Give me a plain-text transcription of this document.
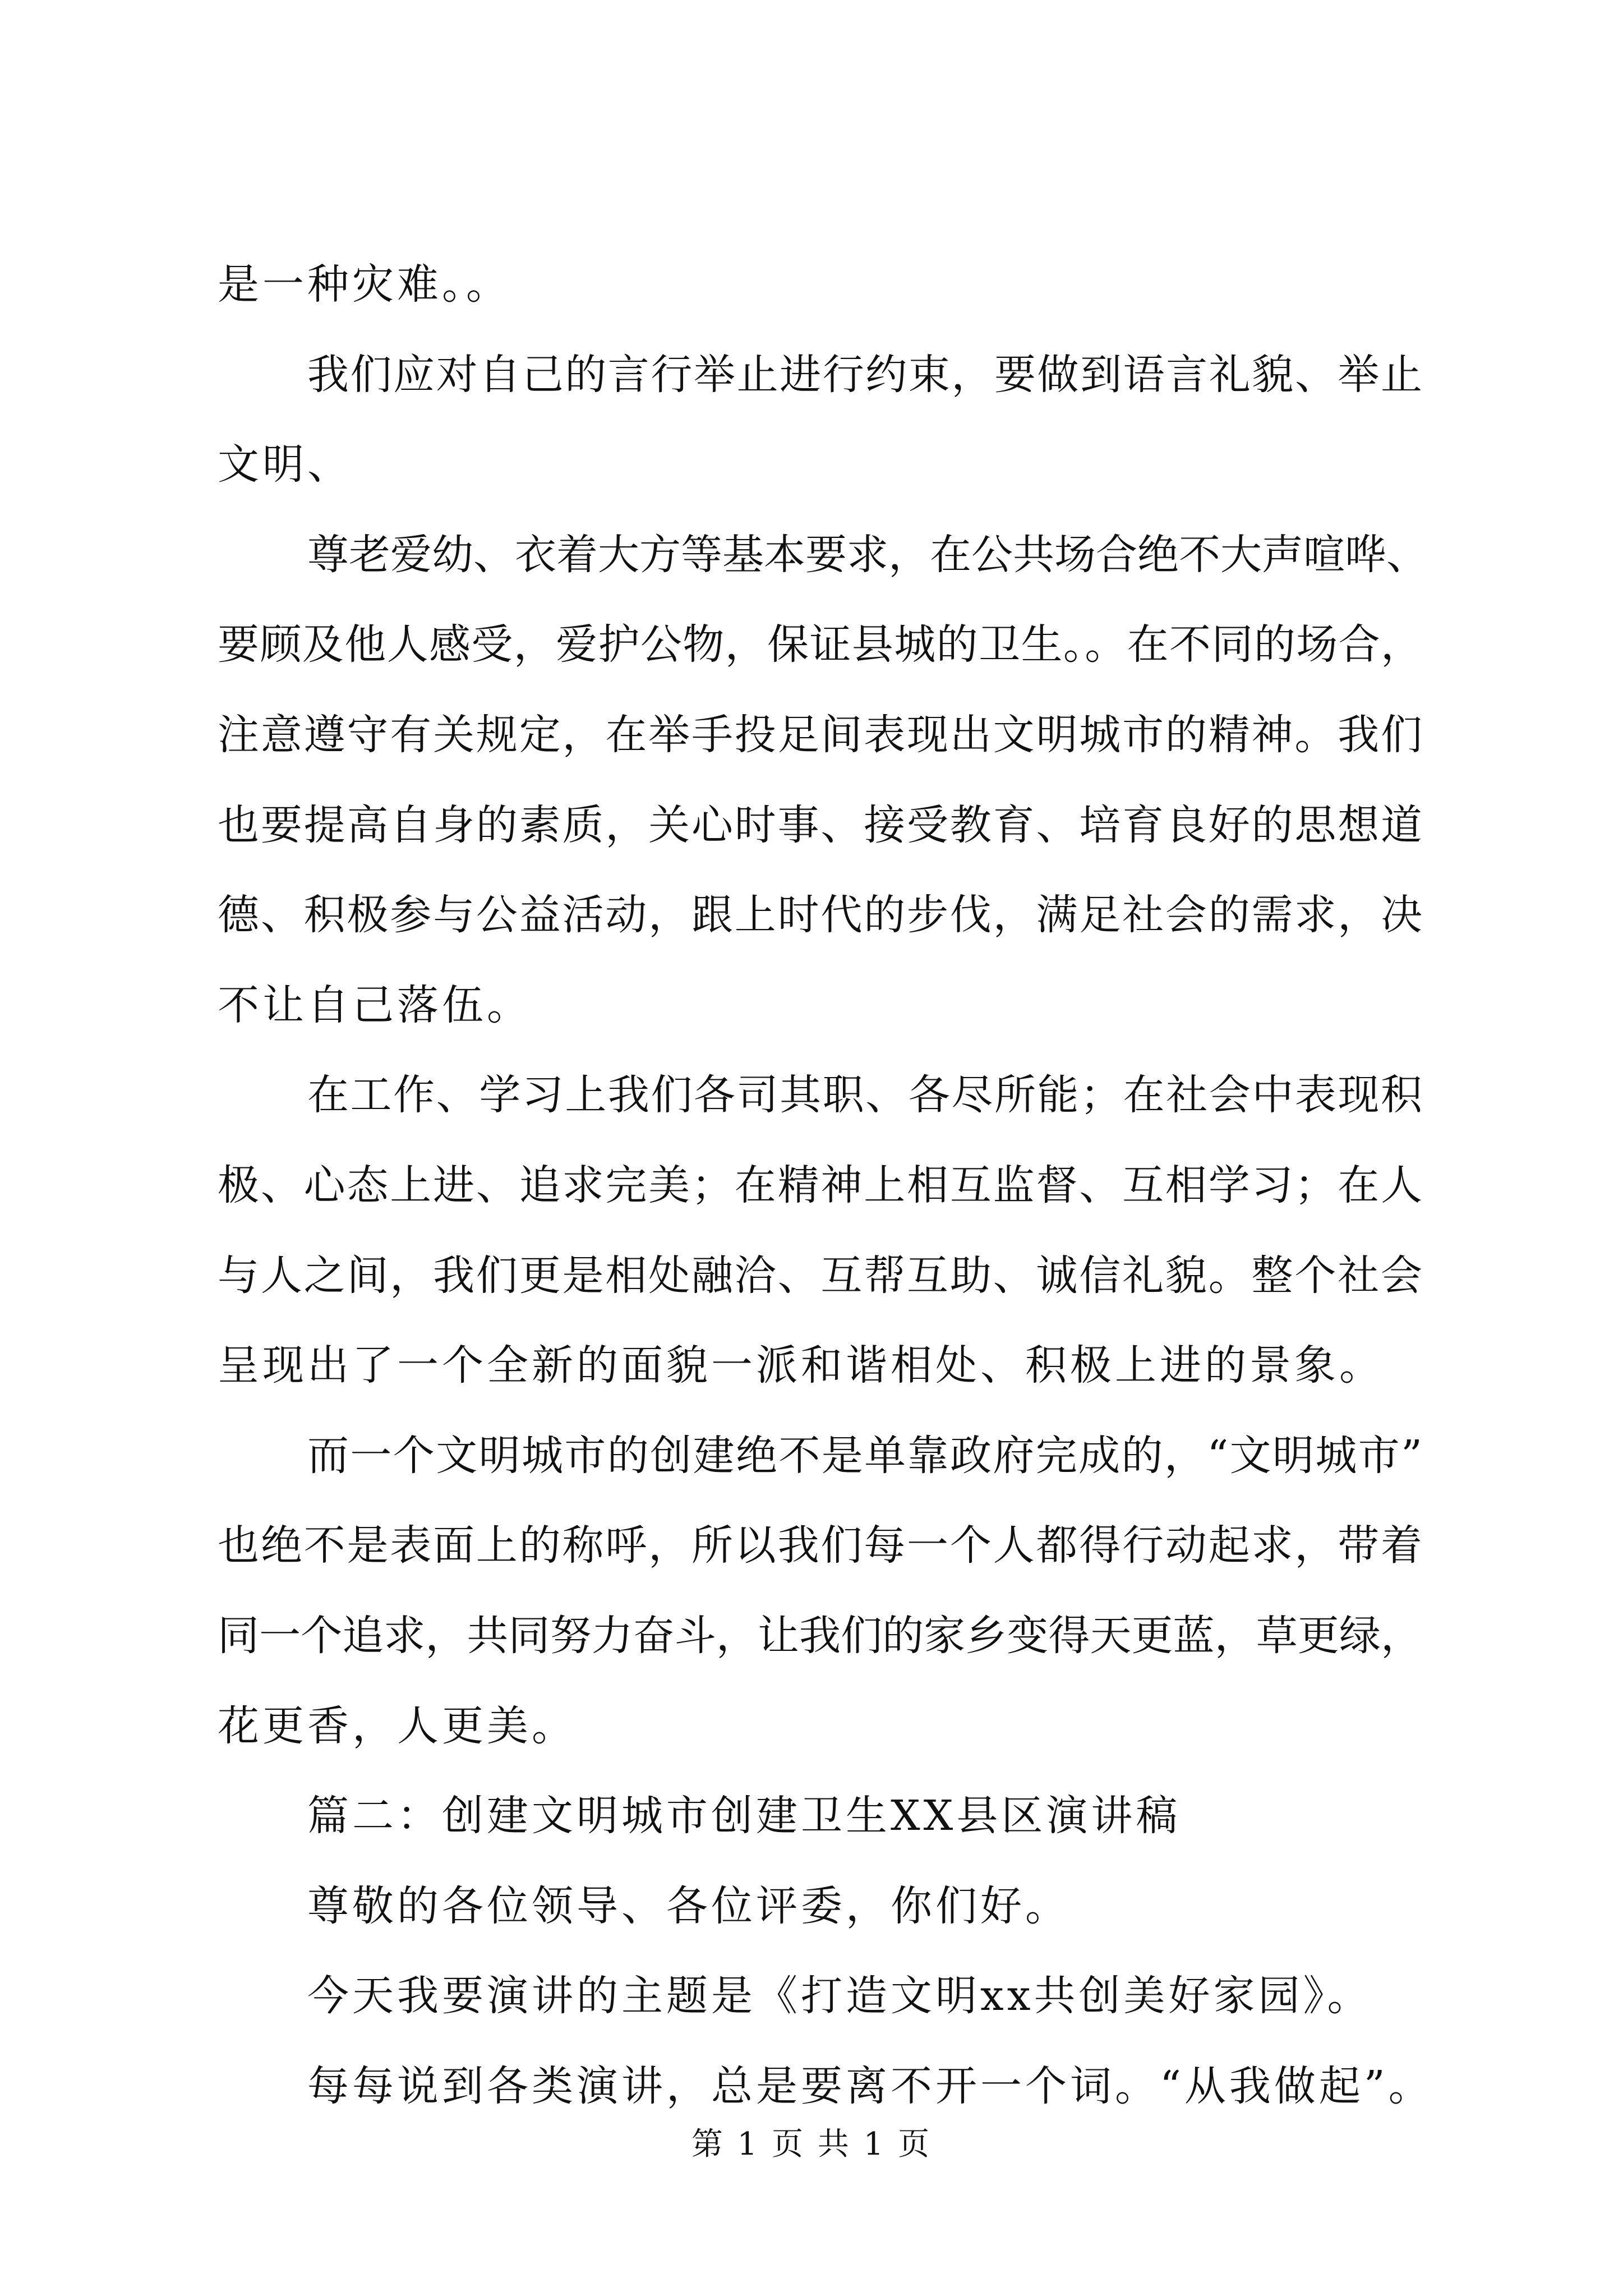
是一种灾难。。
我们应对自己的言行举止进行约束，要做到语言礼貌、举止
文明、
尊老爱幼、衣着大方等基本要求，在公共场合绝不大声喧哗、
要顾及他人感受，爱护公物，保证县城的卫生。。在不同的场合，
注意遵守有关规定，在举手投足间表现出文明城市的精神。我们
也要提高自身的素质，关心时事、接受教育、培育良好的思想道
德、积极参与公益活动，跟上时代的步伐，满足社会的需求，决
不让自己落伍。
在工作、学习上我们各司其职、各尽所能；在社会中表现积
极、心态上进、追求完美；在精神上相互监督、互相学习；在人
与人之间，我们更是相处融洽、互帮互助、诚信礼貌。整个社会
呈现出了一个全新的面貌一派和谐相处、积极上进的景象。
而一个文明城市的创建绝不是单靠政府完成的，“文明城市”
也绝不是表面上的称呼，所以我们每一个人都得行动起求，带着
同一个追求，共同努力奋斗，让我们的家乡变得天更蓝，草更绿，
花更香，人更美。
篇二：创建文明城市创建卫生XX县区演讲稿
尊敬的各位领导、各位评委，你们好。
今天我要演讲的主题是《打造文明xx共创美好家园》。
每每说到各类演讲，总是要离不开一个词。“从我做起”。
第 1 页 共 1 页
